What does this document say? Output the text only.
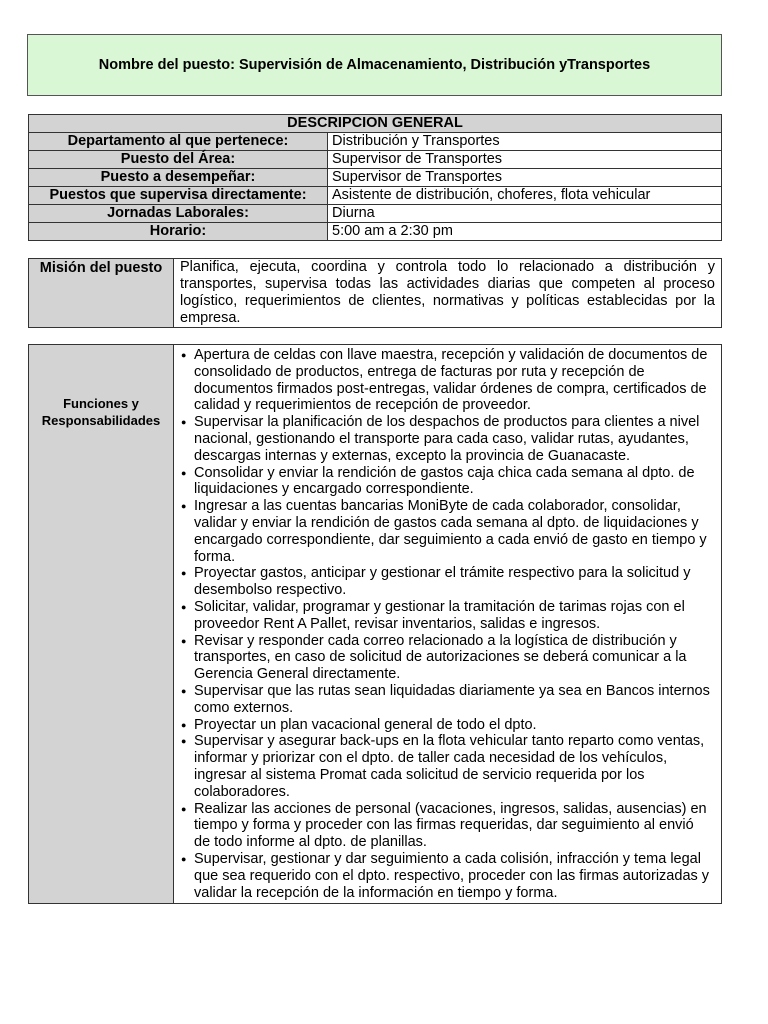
Nombre del puesto: Supervisión de Almacenamiento, Distribución yTransportes
DESCRIPCION GENERAL	
Departamento al que pertenece:	Distribución y Transportes
Puesto del Área:	Supervisor de Transportes
Puesto a desempeñar:	Supervisor de Transportes
Puestos que supervisa directamente:	Asistente de distribución, choferes, flota vehicular
Jornadas Laborales:	Diurna
Horario:	5:00 am a 2:30 pm
Misión del puesto	Planifica, ejecuta, coordina y controla todo lo relacionado a distribución y transportes, supervisa todas las actividades diarias que competen al proceso logístico, requerimientos de clientes, normativas y políticas establecidas por la empresa.
Funciones y Responsabilidades	
● Apertura de celdas con llave maestra, recepción y validación de documentos de consolidado de productos, entrega de facturas por ruta y recepción de documentos firmados post-entregas, validar órdenes de compra, certificados de calidad y requerimientos de recepción de proveedor.
● Supervisar la planificación de los despachos de productos para clientes a nivel nacional, gestionando el transporte para cada caso, validar rutas, ayudantes, descargas internas y externas, excepto la provincia de Guanacaste.
● Consolidar y enviar la rendición de gastos caja chica cada semana al dpto. de liquidaciones y encargado correspondiente.
● Ingresar a las cuentas bancarias MoniByte de cada colaborador, consolidar, validar y enviar la rendición de gastos cada semana al dpto. de liquidaciones y encargado correspondiente, dar seguimiento a cada envió de gasto en tiempo y forma.
● Proyectar gastos, anticipar y gestionar el trámite respectivo para la solicitud y desembolso respectivo.
● Solicitar, validar, programar y gestionar la tramitación de tarimas rojas con el proveedor Rent A Pallet, revisar inventarios, salidas e ingresos.
● Revisar y responder cada correo relacionado a la logística de distribución y transportes, en caso de solicitud de autorizaciones se deberá comunicar a la Gerencia General directamente.
● Supervisar que las rutas sean liquidadas diariamente ya sea en Bancos internos como externos.
● Proyectar un plan vacacional general de todo el dpto.
● Supervisar y asegurar back-ups en la flota vehicular tanto reparto como ventas, informar y priorizar con el dpto. de taller cada necesidad de los vehículos, ingresar al sistema Promat cada solicitud de servicio requerida por los colaboradores.
● Realizar las acciones de personal (vacaciones, ingresos, salidas, ausencias) en tiempo y forma y proceder con las firmas requeridas, dar seguimiento al envió de todo informe al dpto. de planillas.
● Supervisar, gestionar y dar seguimiento a cada colisión, infracción y tema legal que sea requerido con el dpto. respectivo, proceder con las firmas autorizadas y validar la recepción de la información en tiempo y forma.
